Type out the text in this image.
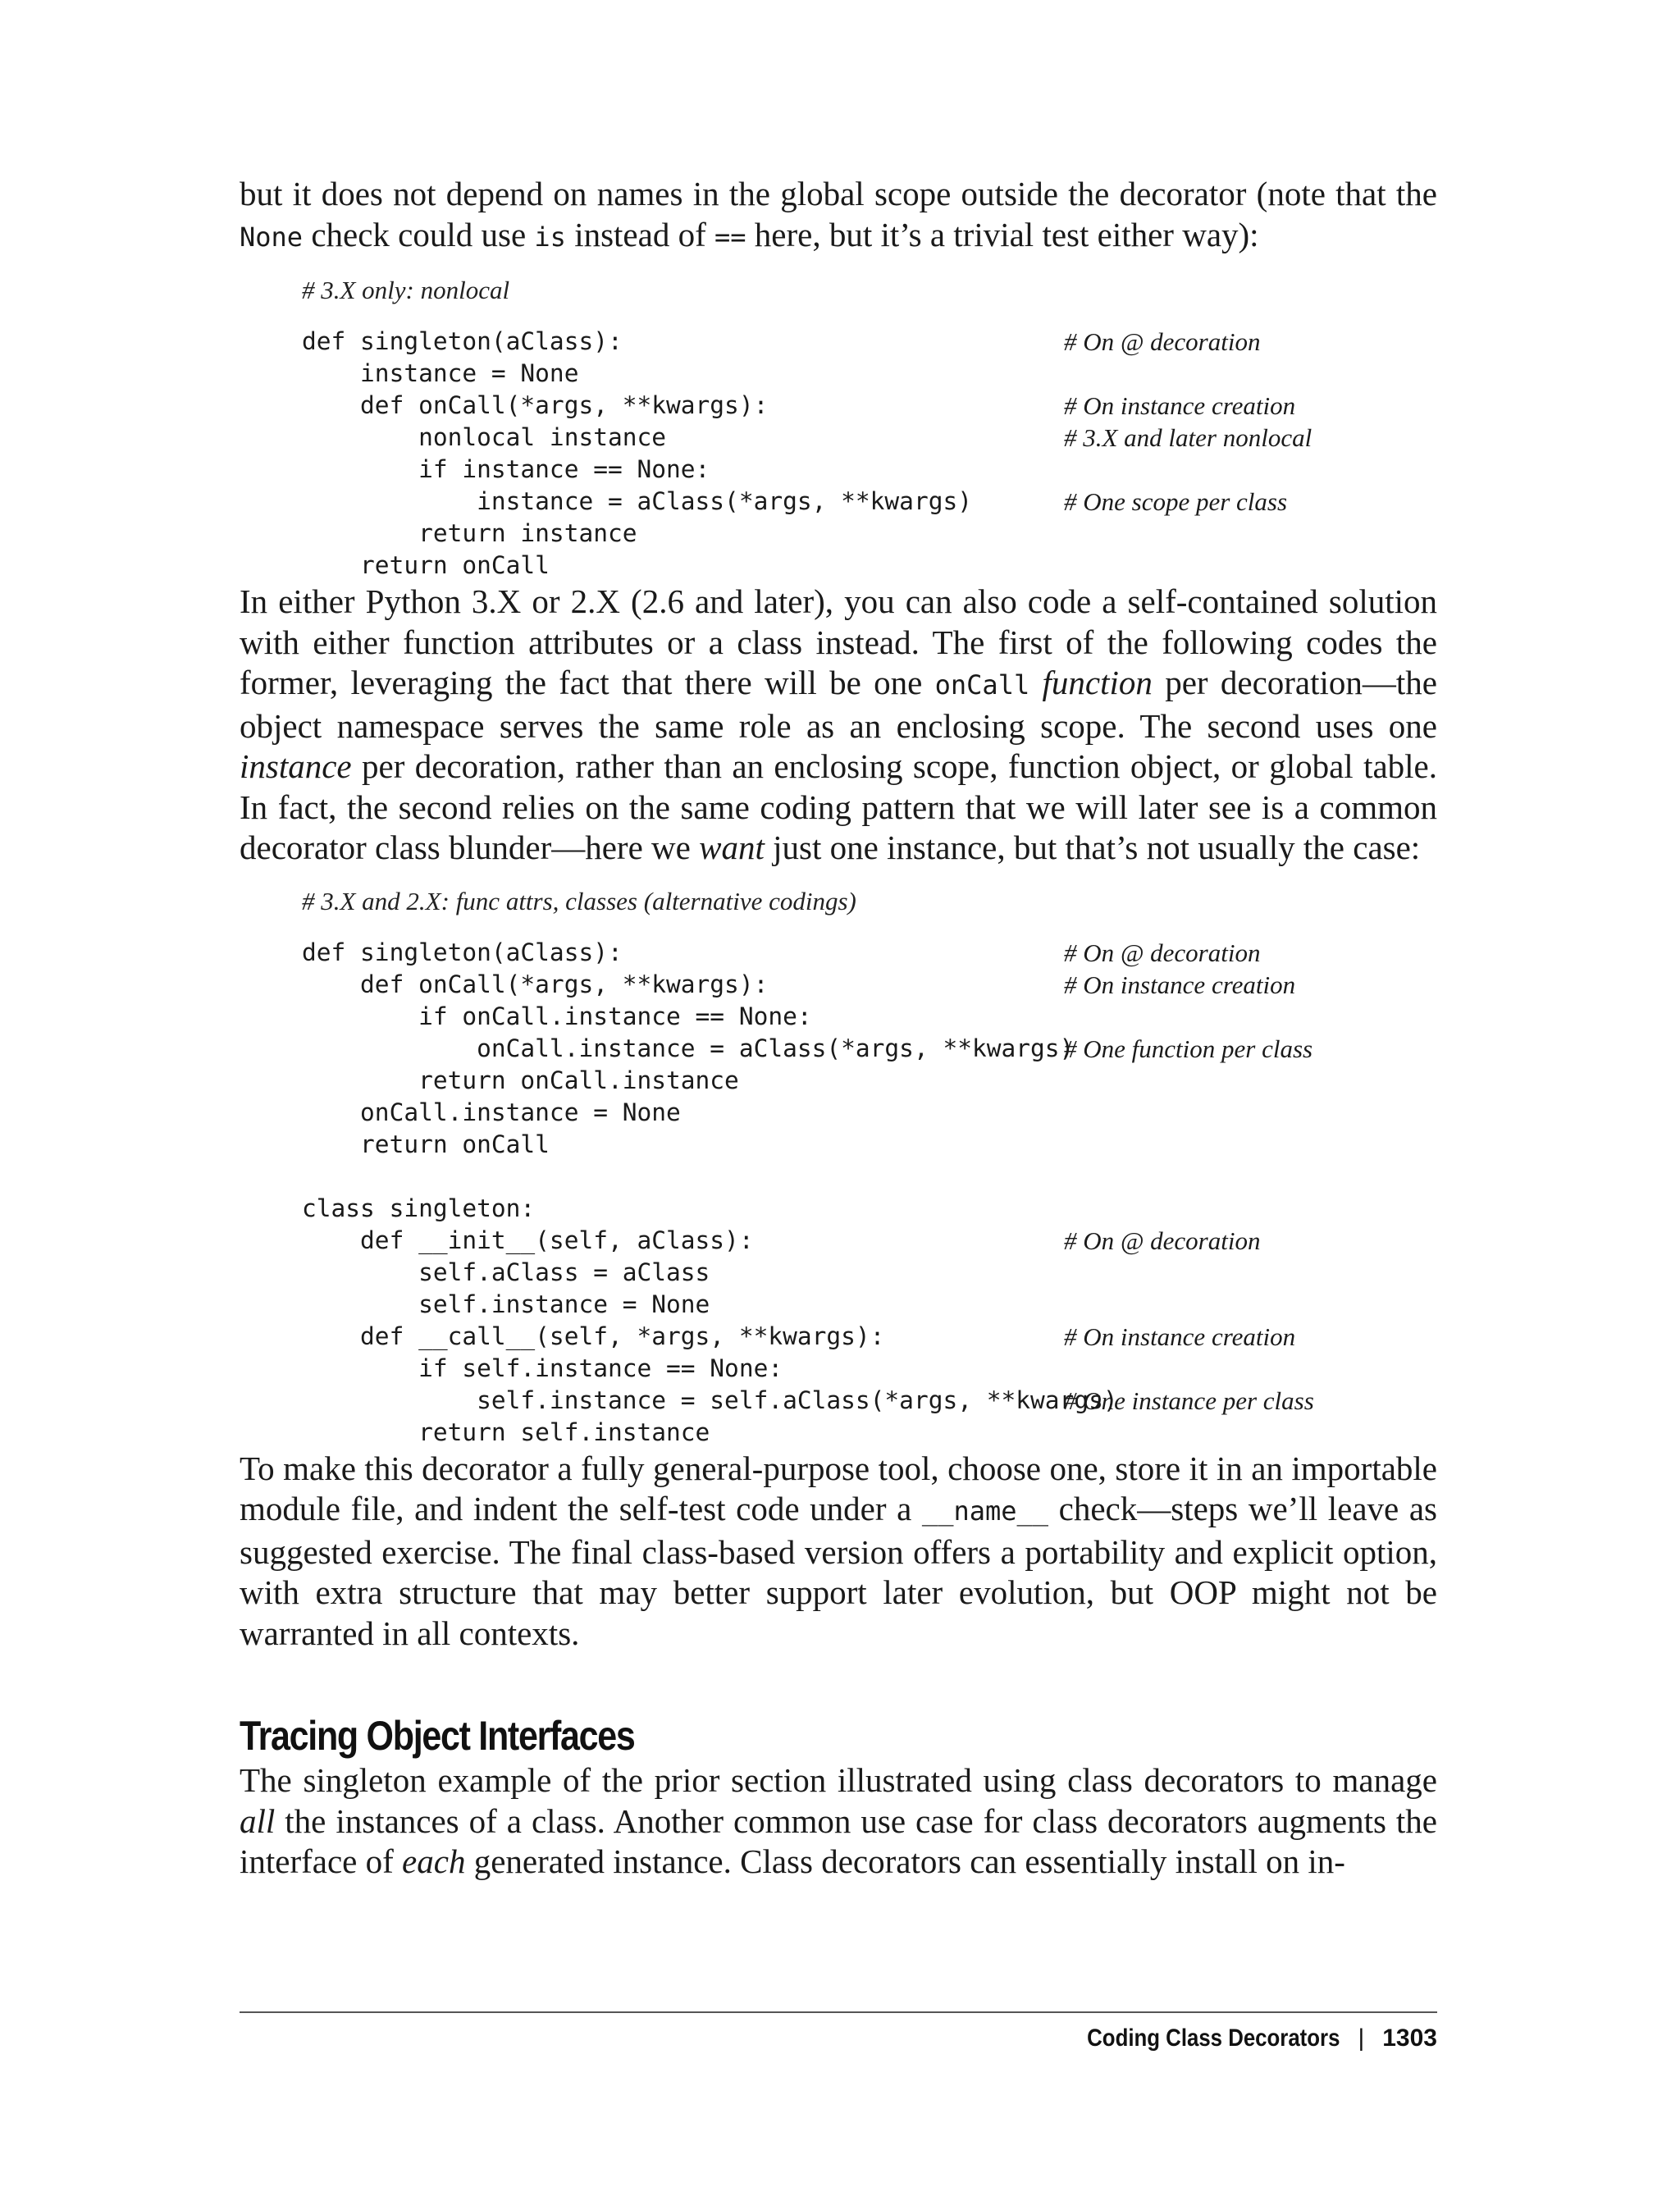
but it does not depend on names in the global scope outside the decorator (note that the None check could use is instead of == here, but it’s a trivial test either way):

# 3.X only: nonlocal
def singleton(aClass):	# On @ decoration
instance = None
def onCall(*args, **kwargs):	# On instance creation
nonlocal instance	# 3.X and later nonlocal
if instance == None:
instance = aClass(*args, **kwargs)	# One scope per class
return instance
return onCall

In either Python 3.X or 2.X (2.6 and later), you can also code a self-contained solution with either function attributes or a class instead. The first of the following codes the former, leveraging the fact that there will be one onCall function per decoration—the object namespace serves the same role as an enclosing scope. The second uses one instance per decoration, rather than an enclosing scope, function object, or global table. In fact, the second relies on the same coding pattern that we will later see is a common decorator class blunder—here we want just one instance, but that’s not usually the case:

# 3.X and 2.X: func attrs, classes (alternative codings)
def singleton(aClass):	# On @ decoration
def onCall(*args, **kwargs):	# On instance creation
if onCall.instance == None:
onCall.instance = aClass(*args, **kwargs)
# One function per class
return onCall.instance
onCall.instance = None
return onCall
class singleton:
def __init__(self, aClass):	# On @ decoration
self.aClass = aClass
self.instance = None
def __call__(self, *args, **kwargs):	# On instance creation
if self.instance == None:
self.instance = self.aClass(*args, **kwargs)
# One instance per class
return self.instance

To make this decorator a fully general-purpose tool, choose one, store it in an importable module file, and indent the self-test code under a __name__ check—steps we’ll leave as suggested exercise. The final class-based version offers a portability and explicit option, with extra structure that may better support later evolution, but OOP might not be warranted in all contexts.

Tracing Object Interfaces

The singleton example of the prior section illustrated using class decorators to manage all the instances of a class. Another common use case for class decorators augments the interface of each generated instance. Class decorators can essentially install on in-

Coding Class Decorators | 1303
